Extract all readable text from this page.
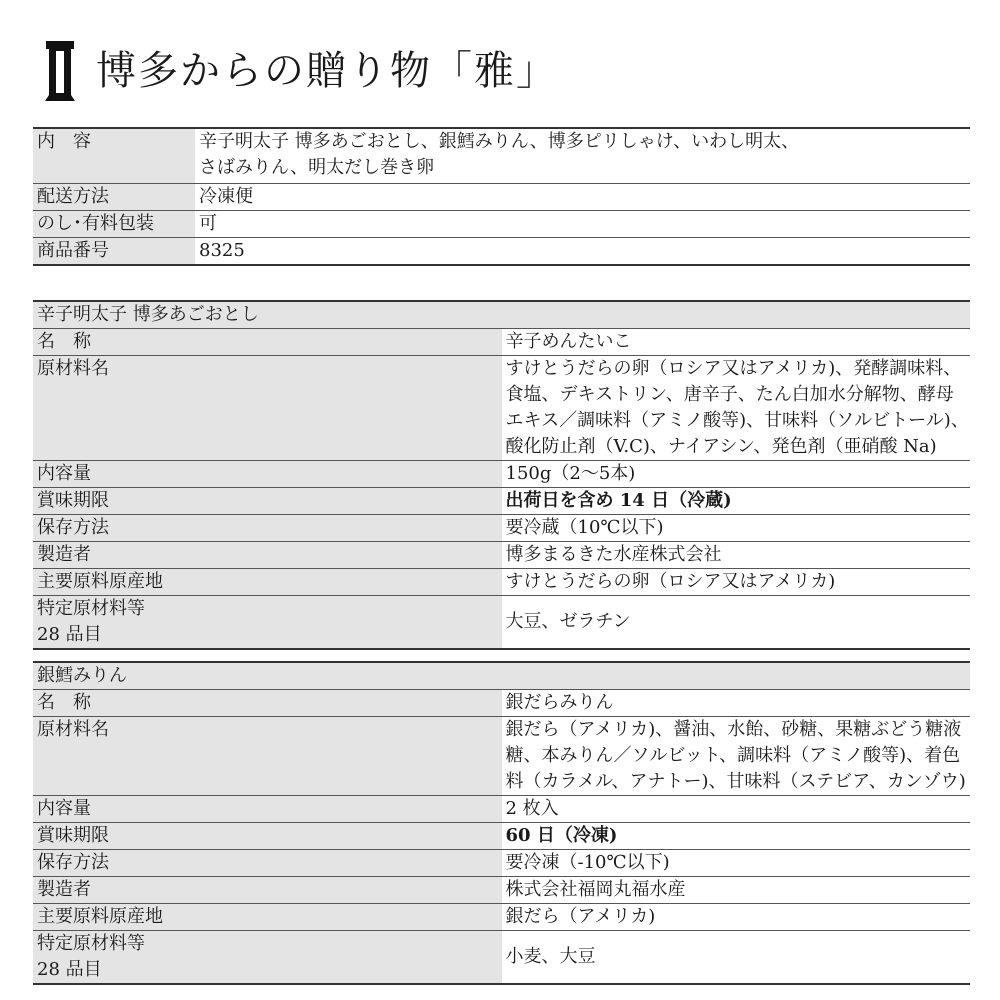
博多からの贈り物「雅」
内　容	辛子明太子 博多あごおとし、銀鱈みりん、博多ピリしゃけ、いわし明太、
さばみりん、明太だし巻き卵
配送方法	冷凍便
のし･有料包装	可
商品番号	8325
辛子明太子 博多あごおとし	
名　称	辛子めんたいこ
原材料名	すけとうだらの卵（ロシア又はアメリカ)、発酵調味料、食塩、デキストリン、唐辛子、たん白加水分解物、酵母エキス／調味料（アミノ酸等)、甘味料（ソルビトール)、酸化防止剤（V.C)、ナイアシン、発色剤（亜硝酸 Na)
内容量	150g（2～5本)
賞味期限	出荷日を含め 14 日（冷蔵)
保存方法	要冷蔵（10℃以下)
製造者	博多まるきた水産株式会社
主要原料原産地	すけとうだらの卵（ロシア又はアメリカ)
特定原材料等
28 品目	大豆、ゼラチン
銀鱈みりん	
名　称	銀だらみりん
原材料名	銀だら（アメリカ)、醤油、水飴、砂糖、果糖ぶどう糖液糖、本みりん／ソルビット、調味料（アミノ酸等)、着色料（カラメル、アナトー)、甘味料（ステビア、カンゾウ)
内容量	2 枚入
賞味期限	60 日（冷凍)
保存方法	要冷凍（-10℃以下)
製造者	株式会社福岡丸福水産
主要原料原産地	銀だら（アメリカ)
特定原材料等
28 品目	小麦、大豆
